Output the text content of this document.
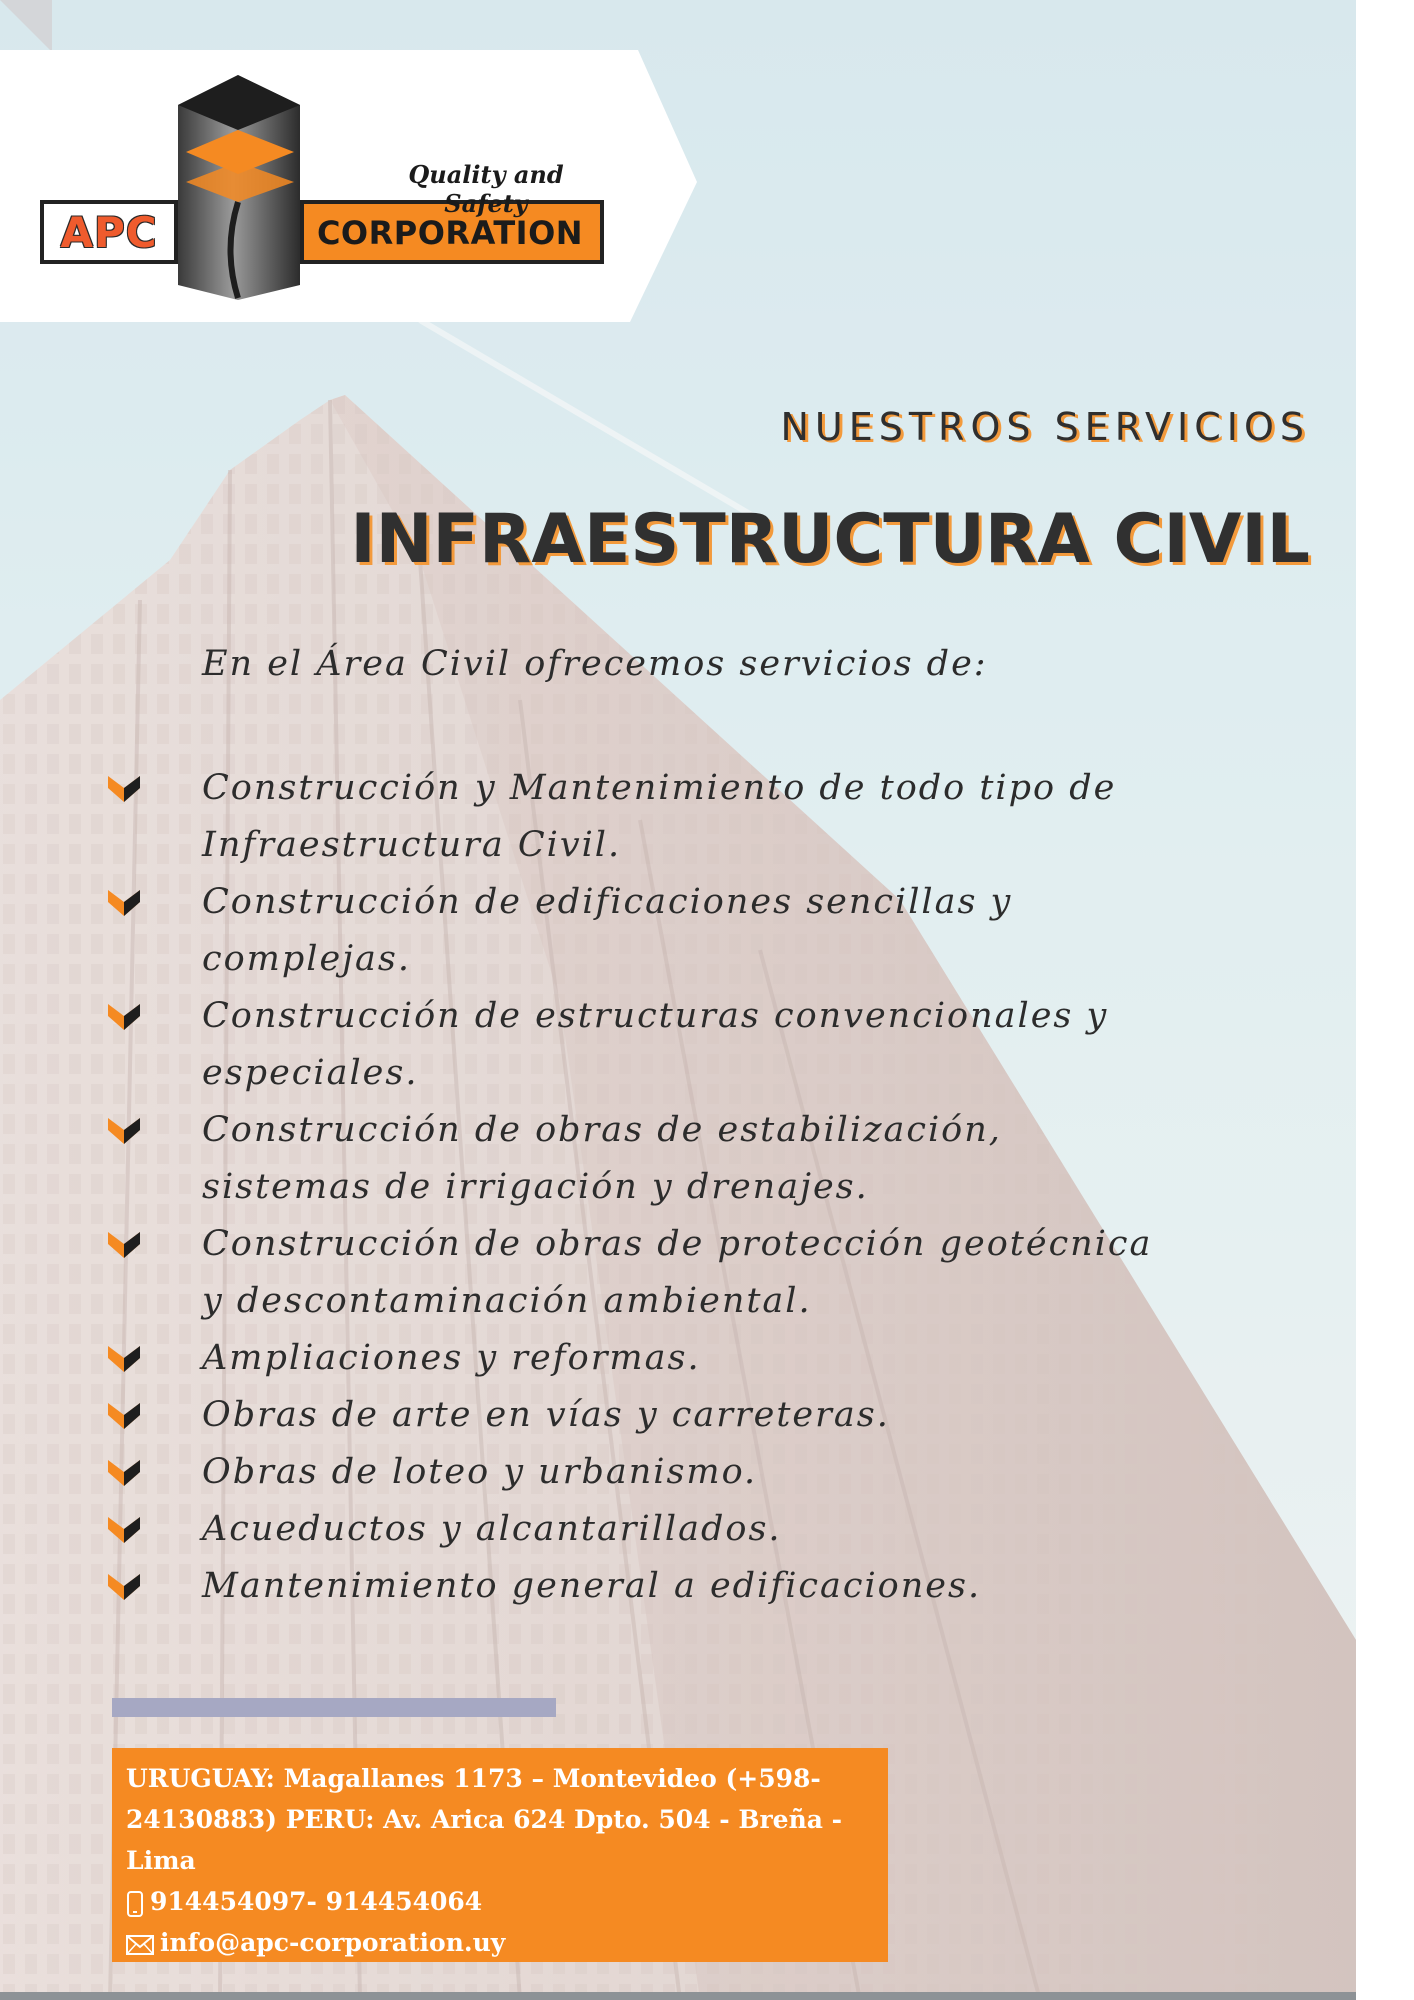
Quality and Safety
APC	CORPORATION
NUESTROS SERVICIOS
INFRAESTRUCTURA CIVIL
En el Área Civil ofrecemos servicios de:
Construcción y Mantenimiento de todo tipo de
Infraestructura Civil.
Construcción de edificaciones sencillas y
complejas.
Construcción de estructuras convencionales y
especiales.
Construcción de obras de estabilización,
sistemas de irrigación y drenajes.
Construcción de obras de protección geotécnica
y descontaminación ambiental.
Ampliaciones y reformas.
Obras de arte en vías y carreteras.
Obras de loteo y urbanismo.
Acueductos y alcantarillados.
Mantenimiento general a edificaciones.
URUGUAY: Magallanes 1173 – Montevideo (+598-
24130883) PERU: Av. Arica 624 Dpto. 504 - Breña -
Lima
914454097- 914454064
info@apc-corporation.uy
